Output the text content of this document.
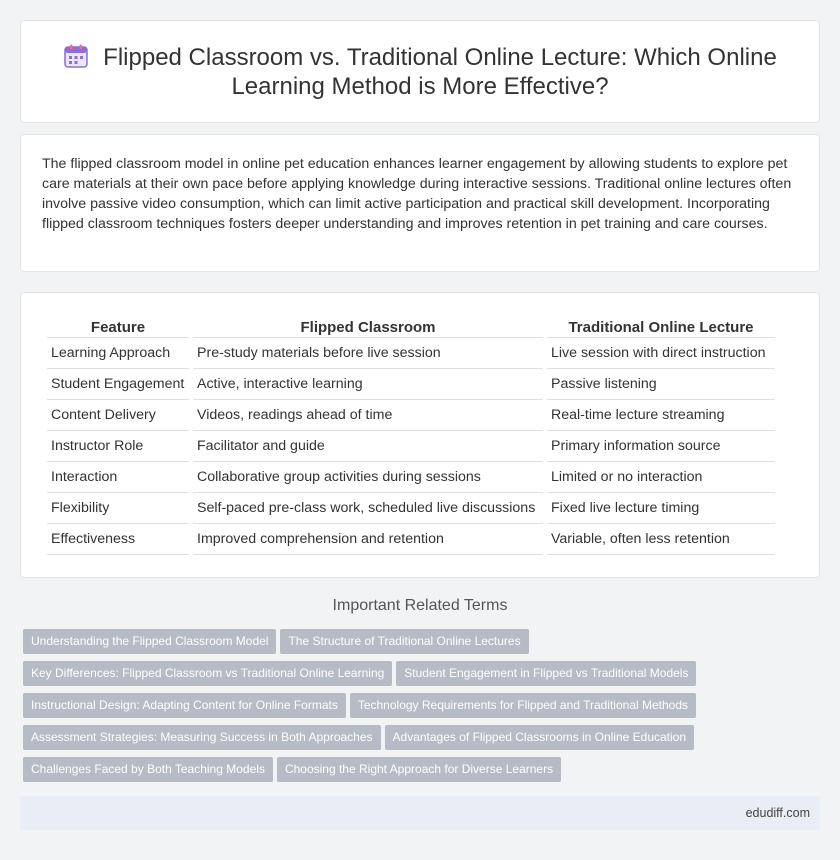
Flipped Classroom vs. Traditional Online Lecture: Which Online Learning Method is More Effective?

The flipped classroom model in online pet education enhances learner engagement by allowing students to explore pet care materials at their own pace before applying knowledge during interactive sessions. Traditional online lectures often involve passive video consumption, which can limit active participation and practical skill development. Incorporating flipped classroom techniques fosters deeper understanding and improves retention in pet training and care courses.

Feature	Flipped Classroom	Traditional Online Lecture
Learning Approach	Pre-study materials before live session	Live session with direct instruction
Student Engagement	Active, interactive learning	Passive listening
Content Delivery	Videos, readings ahead of time	Real-time lecture streaming
Instructor Role	Facilitator and guide	Primary information source
Interaction	Collaborative group activities during sessions	Limited or no interaction
Flexibility	Self-paced pre-class work, scheduled live discussions	Fixed live lecture timing
Effectiveness	Improved comprehension and retention	Variable, often less retention
Important Related Terms
Understanding the Flipped Classroom Model The Structure of Traditional Online Lectures
Key Differences: Flipped Classroom vs Traditional Online Learning Student Engagement in Flipped vs Traditional Models
Instructional Design: Adapting Content for Online Formats Technology Requirements for Flipped and Traditional Methods
Assessment Strategies: Measuring Success in Both Approaches Advantages of Flipped Classrooms in Online Education
Challenges Faced by Both Teaching Models Choosing the Right Approach for Diverse Learners
edudiff.com
